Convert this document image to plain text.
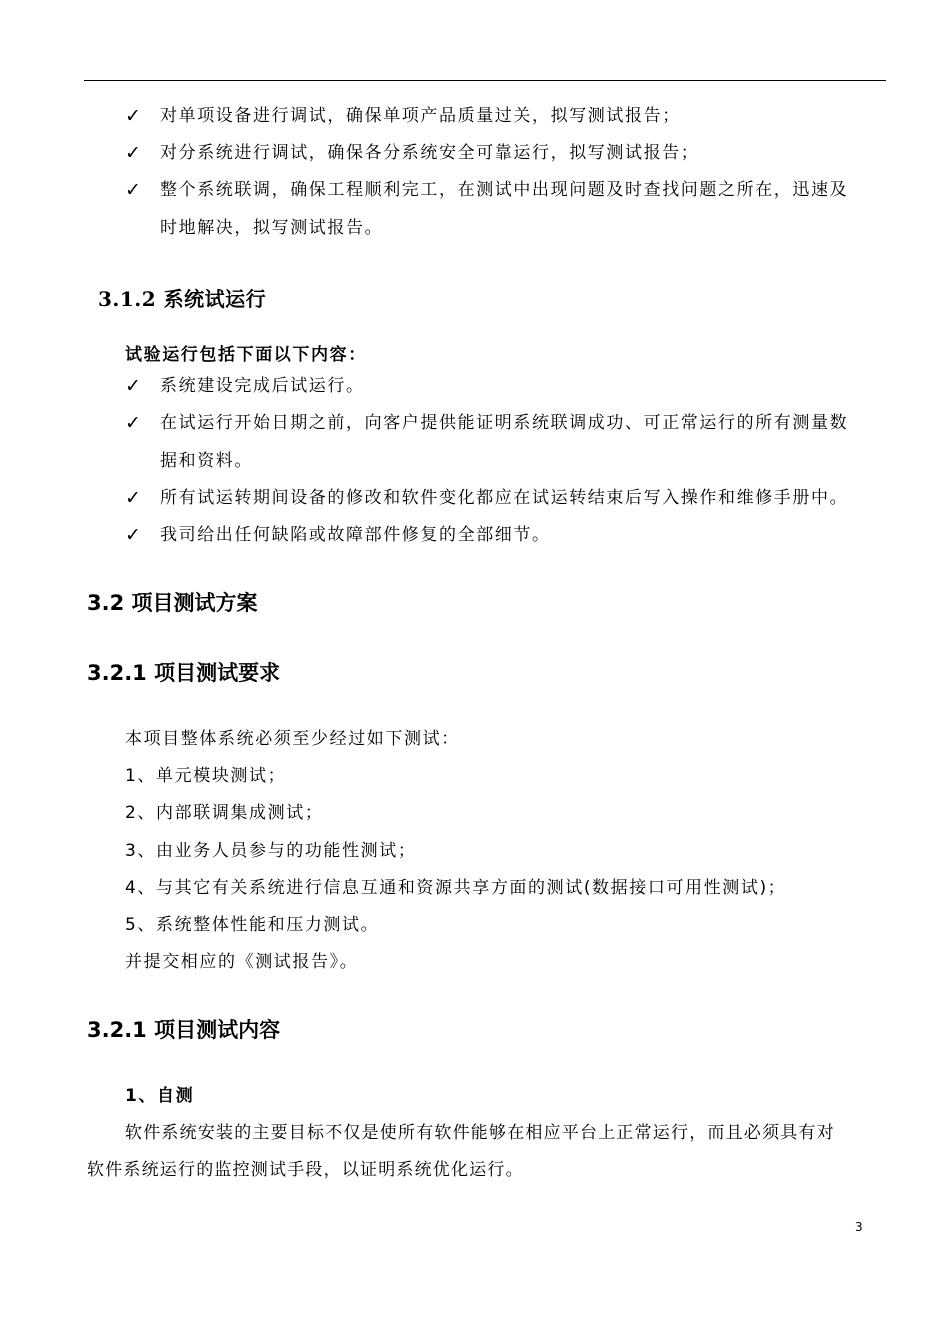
✓ 对单项设备进行调试，确保单项产品质量过关，拟写测试报告；
✓ 对分系统进行调试，确保各分系统安全可靠运行，拟写测试报告；
✓ 整个系统联调，确保工程顺利完工，在测试中出现问题及时查找问题之所在，迅速及
时地解决，拟写测试报告。
3.1.2 系统试运行
试验运行包括下面以下内容：
✓ 系统建设完成后试运行。
✓ 在试运行开始日期之前，向客户提供能证明系统联调成功、可正常运行的所有测量数
据和资料。
✓ 所有试运转期间设备的修改和软件变化都应在试运转结束后写入操作和维修手册中。
✓ 我司给出任何缺陷或故障部件修复的全部细节。
3.2 项目测试方案
3.2.1 项目测试要求
本项目整体系统必须至少经过如下测试：
1、单元模块测试；
2、内部联调集成测试；
3、由业务人员参与的功能性测试；
4、与其它有关系统进行信息互通和资源共享方面的测试(数据接口可用性测试)；
5、系统整体性能和压力测试。
并提交相应的《测试报告》。
3.2.1 项目测试内容
1、自测
软件系统安装的主要目标不仅是使所有软件能够在相应平台上正常运行，而且必须具有对
软件系统运行的监控测试手段，以证明系统优化运行。
3
